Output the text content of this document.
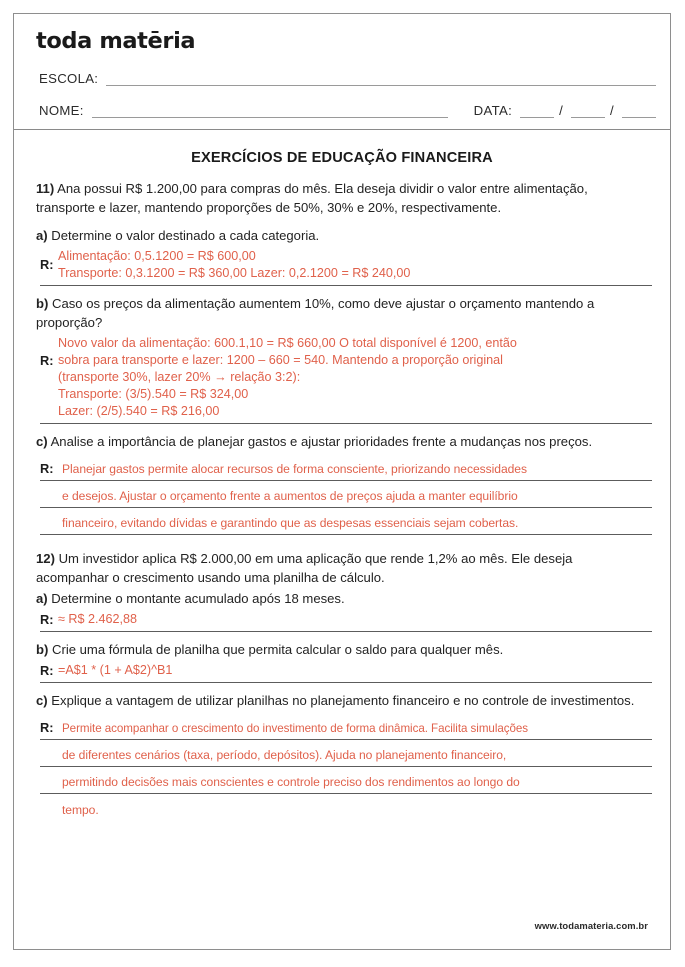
toda matēria
ESCOLA:
NOME:	DATA:	/	/
EXERCÍCIOS DE EDUCAÇÃO FINANCEIRA

11) Ana possui R$ 1.200,00 para compras do mês. Ela deseja dividir o valor entre alimentação, transporte e lazer, mantendo proporções de 50%, 30% e 20%, respectivamente.

a) Determine o valor destinado a cada categoria.

R:
Alimentação: 0,5.1200 = R$ 600,00
Transporte: 0,3.1200 = R$ 360,00 Lazer: 0,2.1200 = R$ 240,00

b) Caso os preços da alimentação aumentem 10%, como deve ajustar o orçamento mantendo a proporção?

R:
Novo valor da alimentação: 600.1,10 = R$ 660,00 O total disponível é 1200, então
sobra para transporte e lazer: 1200 – 660 = 540. Mantendo a proporção original
(transporte 30%, lazer 20% → relação 3:2):
Transporte: (3/5).540 = R$ 324,00
Lazer: (2/5).540 = R$ 216,00

c) Analise a importância de planejar gastos e ajustar prioridades frente a mudanças nos preços.

R: Planejar gastos permite alocar recursos de forma consciente, priorizando necessidades
e desejos. Ajustar o orçamento frente a aumentos de preços ajuda a manter equilíbrio
financeiro, evitando dívidas e garantindo que as despesas essenciais sejam cobertas.

12) Um investidor aplica R$ 2.000,00 em uma aplicação que rende 1,2% ao mês. Ele deseja acompanhar o crescimento usando uma planilha de cálculo.

a) Determine o montante acumulado após 18 meses.

R: ≈ R$ 2.462,88

b) Crie uma fórmula de planilha que permita calcular o saldo para qualquer mês.

R: =A$1 * (1 + A$2)^B1

c) Explique a vantagem de utilizar planilhas no planejamento financeiro e no controle de investimentos.

R: Permite acompanhar o crescimento do investimento de forma dinâmica. Facilita simulações
de diferentes cenários (taxa, período, depósitos). Ajuda no planejamento financeiro,
permitindo decisões mais conscientes e controle preciso dos rendimentos ao longo do
tempo.
www.todamateria.com.br
